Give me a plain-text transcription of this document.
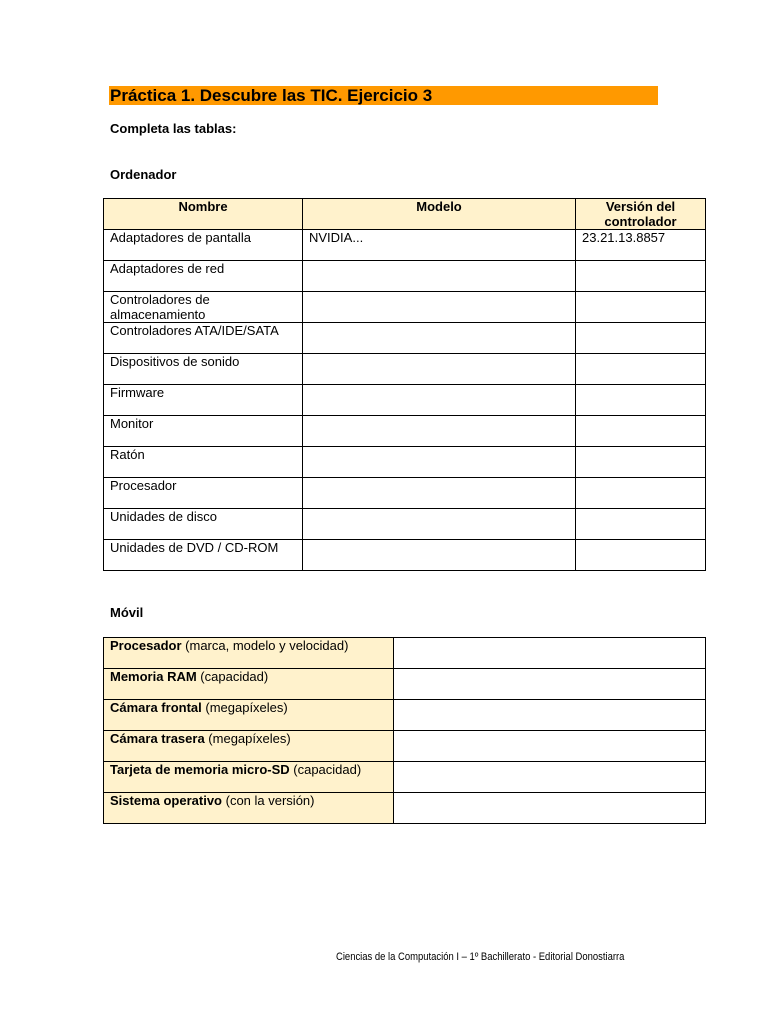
Práctica 1. Descubre las TIC. Ejercicio 3
Completa las tablas:
Ordenador
Nombre	Modelo	Versión del controlador
Adaptadores de pantalla	NVIDIA...	23.21.13.8857
Adaptadores de red		
Controladores de almacenamiento		
Controladores ATA/IDE/SATA		
Dispositivos de sonido		
Firmware		
Monitor		
Ratón		
Procesador		
Unidades de disco		
Unidades de DVD / CD-ROM		
Móvil
Procesador (marca, modelo y velocidad)	
Memoria RAM (capacidad)	
Cámara frontal (megapíxeles)	
Cámara trasera (megapíxeles)	
Tarjeta de memoria micro-SD (capacidad)	
Sistema operativo (con la versión)	
Ciencias de la Computación I – 1º Bachillerato - Editorial Donostiarra
